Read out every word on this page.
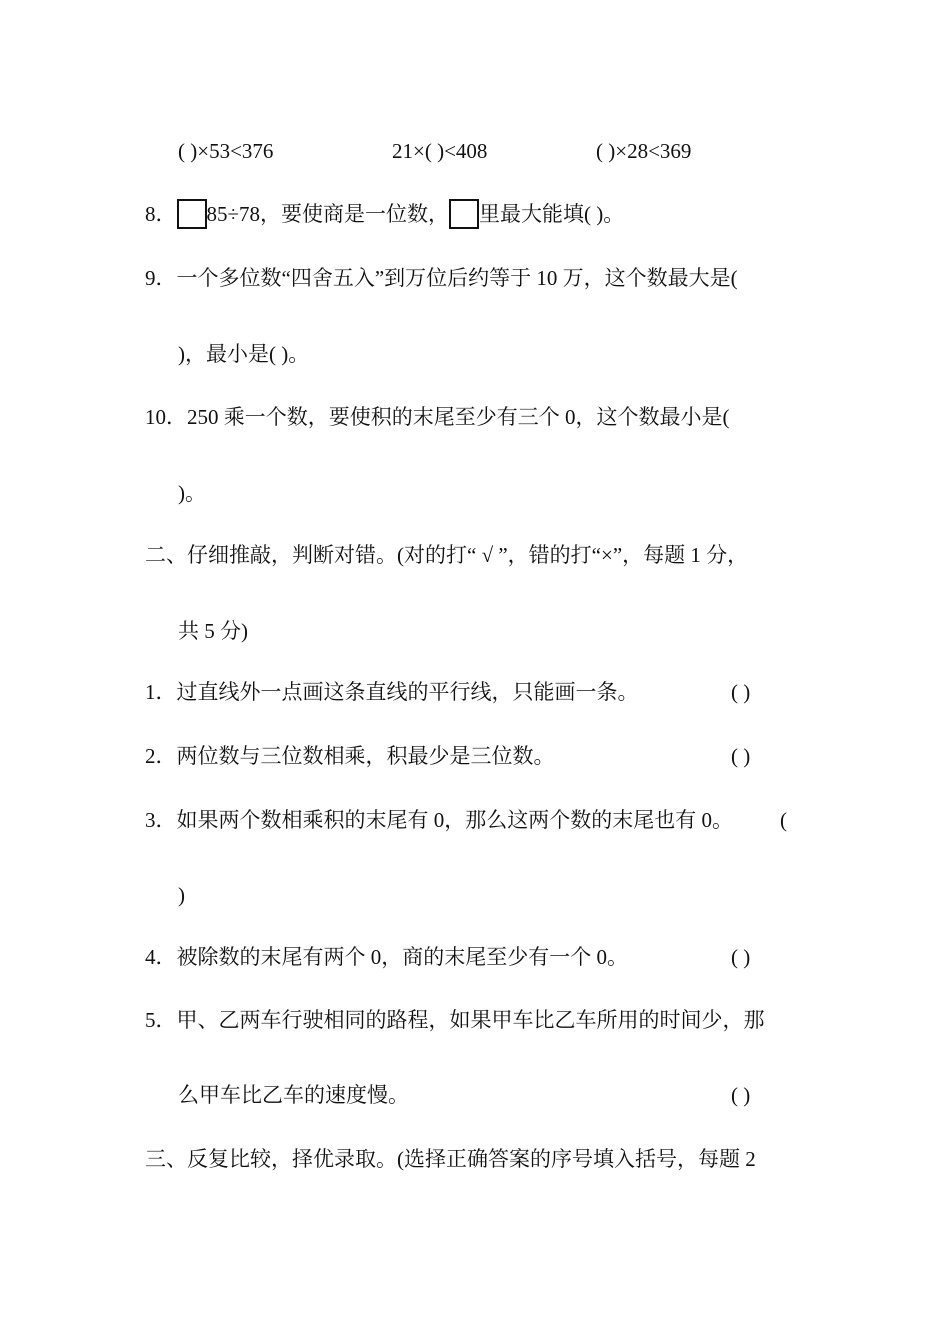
( )×53<376	21×( )<408	( )×28<369
8． 85÷78，要使商是一位数， 里最大能填( )。
9．一个多位数“四舍五入”到万位后约等于 10 万，这个数最大是(
)，最小是( )。
10．250 乘一个数，要使积的末尾至少有三个 0，这个数最小是(
)。
二、仔细推敲，判断对错。(对的打“ √ ”，错的打“×”，每题 1 分，
共 5 分)
1．过直线外一点画这条直线的平行线，只能画一条。	( )
2．两位数与三位数相乘，积最少是三位数。	( )
3．如果两个数相乘积的末尾有 0，那么这两个数的末尾也有 0。 (
)
4．被除数的末尾有两个 0，商的末尾至少有一个 0。	( )
5．甲、乙两车行驶相同的路程，如果甲车比乙车所用的时间少，那
么甲车比乙车的速度慢。	( )
三、反复比较，择优录取。(选择正确答案的序号填入括号，每题 2
